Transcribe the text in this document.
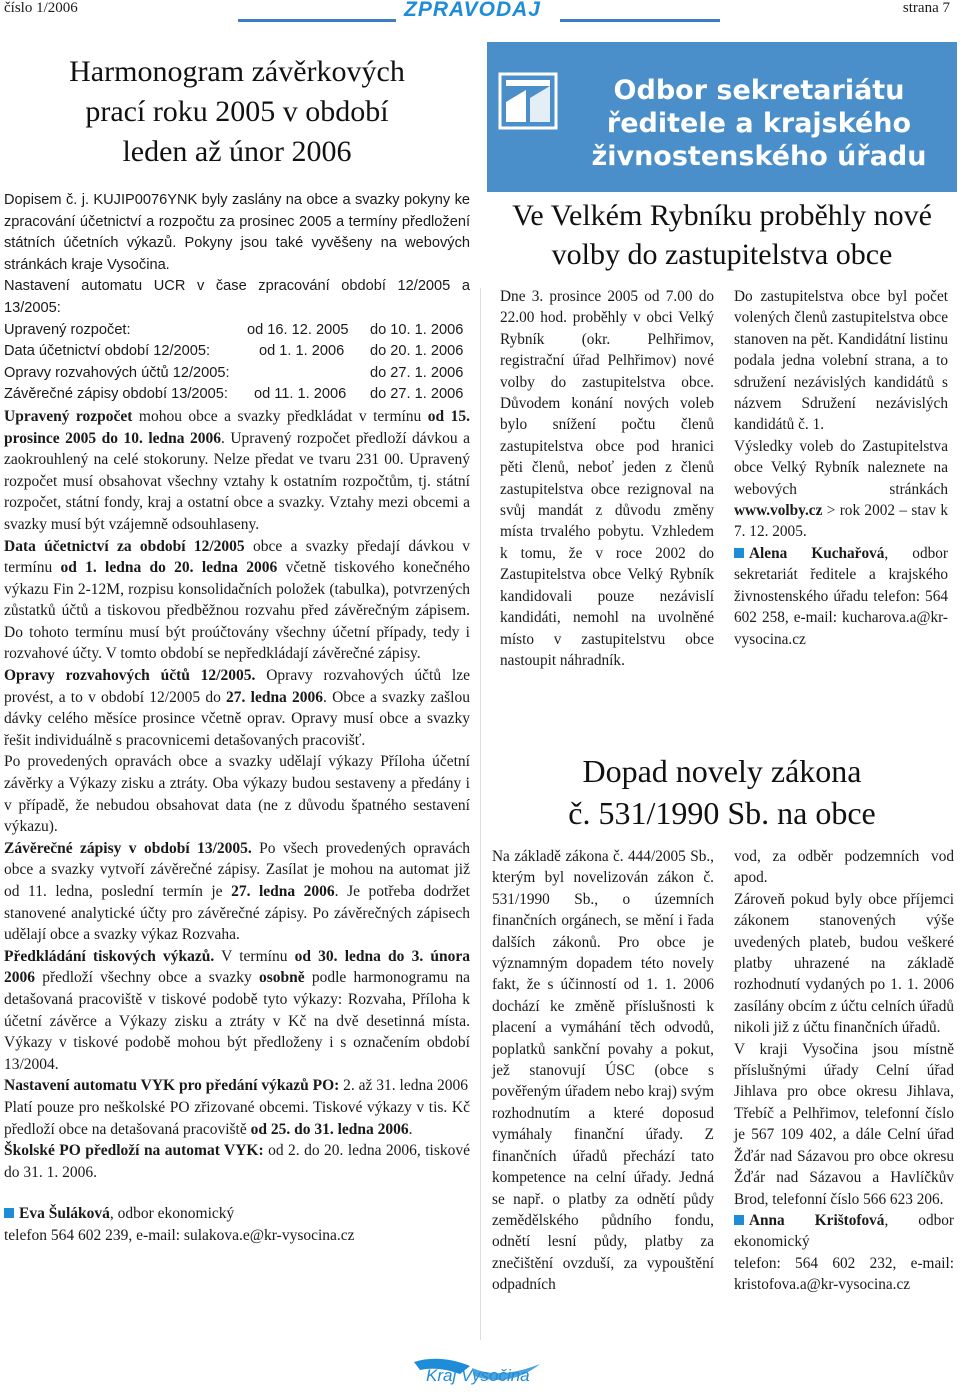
číslo 1/2006	ZPRAVODAJ	strana 7
Harmonogram závěrkových
prací roku 2005 v období
leden až únor 2006

Dopisem č. j. KUJIP0076YNK byly zaslány na obce a svazky pokyny ke zpracování účetnictví a rozpočtu za prosinec 2005 a termíny předložení státních účetních výkazů. Pokyny jsou také vyvěšeny na webových stránkách kraje Vysočina.

Nastavení automatu UCR v čase zpracování období 12/2005 a 13/2005:

Upravený rozpočet:	od 16. 12. 2005 do 10. 1. 2006
Data účetnictví období 12/2005:	od 1. 1. 2006 do 20. 1. 2006
Opravy rozvahových účtů 12/2005:	do 27. 1. 2006
Závěrečné zápisy období 13/2005: od 11. 1. 2006 do 27. 1. 2006

Upravený rozpočet mohou obce a svazky předkládat v termínu od 15. prosince 2005 do 10. ledna 2006. Upravený rozpočet předloží dávkou a zaokrouhlený na celé stokoruny. Nelze předat ve tvaru 231 00. Upravený rozpočet musí obsahovat všechny vztahy k ostatním rozpočtům, tj. státní rozpočet, státní fondy, kraj a ostatní obce a svazky. Vztahy mezi obcemi a svazky musí být vzájemně odsouhlaseny.

Data účetnictví za období 12/2005 obce a svazky předají dávkou v termínu od 1. ledna do 20. ledna 2006 včetně tiskového konečného výkazu Fin 2-12M, rozpisu konsolidačních položek (tabulka), potvrzených zůstatků účtů a tiskovou předběžnou rozvahu před závěrečným zápisem. Do tohoto termínu musí být proúčtovány všechny účetní případy, tedy i rozvahové účty. V tomto období se nepředkládají závěrečné zápisy.

Opravy rozvahových účtů 12/2005. Opravy rozvahových účtů lze provést, a to v období 12/2005 do 27. ledna 2006. Obce a svazky zašlou dávky celého měsíce prosince včetně oprav. Opravy musí obce a svazky řešit individuálně s pracovnicemi detašovaných pracovišť.

Po provedených opravách obce a svazky udělají výkazy Příloha účetní závěrky a Výkazy zisku a ztráty. Oba výkazy budou sestaveny a předány i v případě, že nebudou obsahovat data (ne z důvodu špatného sestavení výkazu).

Závěrečné zápisy v období 13/2005. Po všech provedených opravách obce a svazky vytvoří závěrečné zápisy. Zasílat je mohou na automat již od 11. ledna, poslední termín je 27. ledna 2006. Je potřeba dodržet stanovené analytické účty pro závěrečné zápisy. Po závěrečných zápisech udělají obce a svazky výkaz Rozvaha.

Předkládání tiskových výkazů. V termínu od 30. ledna do 3. února 2006 předloží všechny obce a svazky osobně podle harmonogramu na detašovaná pracoviště v tiskové podobě tyto výkazy: Rozvaha, Příloha k účetní závěrce a Výkazy zisku a ztráty v Kč na dvě desetinná místa. Výkazy v tiskové podobě mohou být předloženy i s označením období 13/2004.

Nastavení automatu VYK pro předání výkazů PO: 2. až 31. ledna 2006

Platí pouze pro neškolské PO zřizované obcemi. Tiskové výkazy v tis. Kč předloží obce na detašovaná pracoviště od 25. do 31. ledna 2006.

Školské PO předloží na automat VYK: od 2. do 20. ledna 2006, tiskové do 31. 1. 2006.

Eva Šuláková, odbor ekonomický

telefon 564 602 239, e-mail: sulakova.e@kr-vysocina.cz

Odbor sekretariátu ředitele a krajského živnostenského úřadu
Ve Velkém Rybníku proběhly nové volby do zastupitelstva obce

Dne 3. prosince 2005 od 7.00 do 22.00 hod. proběhly v obci Velký Rybník (okr. Pelhřimov, registrační úřad Pelhřimov) nové volby do zastupitelstva obce. Důvodem konání nových voleb bylo snížení počtu členů zastupitelstva obce pod hranici pěti členů, neboť jeden z členů zastupitelstva obce rezignoval na svůj mandát z důvodu změny místa trvalého pobytu. Vzhledem k tomu, že v roce 2002 do Zastupitelstva obce Velký Rybník kandidovali pouze nezávislí kandidáti, nemohl na uvolněné místo v zastupitelstvu obce nastoupit náhradník.

Do zastupitelstva obce byl počet volených členů zastupitelstva obce stanoven na pět. Kandidátní listinu podala jedna volební strana, a to sdružení nezávislých kandidátů s názvem Sdružení nezávislých kandidátů č. 1.

Výsledky voleb do Zastupitelstva obce Velký Rybník naleznete na webových stránkách www.volby.cz > rok 2002 – stav k 7. 12. 2005.

Alena Kuchařová, odbor sekretariát ředitele a krajského živnostenského úřadu telefon: 564 602 258, e-mail: kucharova.a@kr-vysocina.cz

Dopad novely zákona
č. 531/1990 Sb. na obce

Na základě zákona č. 444/2005 Sb., kterým byl novelizován zákon č. 531/1990 Sb., o územních finančních orgánech, se mění i řada dalších zákonů. Pro obce je významným dopadem této novely fakt, že s účinností od 1. 1. 2006 dochází ke změně příslušnosti k placení a vymáhání těch odvodů, poplatků sankční povahy a pokut, jež stanovují ÚSC (obce s pověřeným úřadem nebo kraj) svým rozhodnutím a které doposud vymáhaly finanční úřady. Z finančních úřadů přechází tato kompetence na celní úřady. Jedná se např. o platby za odnětí půdy zemědělského půdního fondu, odnětí lesní půdy, platby za znečištění ovzduší, za vypouštění odpadních

vod, za odběr podzemních vod apod.

Zároveň pokud byly obce příjemci zákonem stanovených výše uvedených plateb, budou veškeré platby uhrazené na základě rozhodnutí vydaných po 1. 1. 2006 zasílány obcím z účtu celních úřadů nikoli již z účtu finančních úřadů.

V kraji Vysočina jsou místně příslušnými úřady Celní úřad Jihlava pro obce okresu Jihlava, Třebíč a Pelhřimov, telefonní číslo je 567 109 402, a dále Celní úřad Žďár nad Sázavou pro obce okresu Žďár nad Sázavou a Havlíčkův Brod, telefonní číslo 566 623 206.

Anna Krištofová, odbor ekonomický

telefon: 564 602 232, e-mail: kristofova.a@kr-vysocina.cz

Kraj Vysočina
